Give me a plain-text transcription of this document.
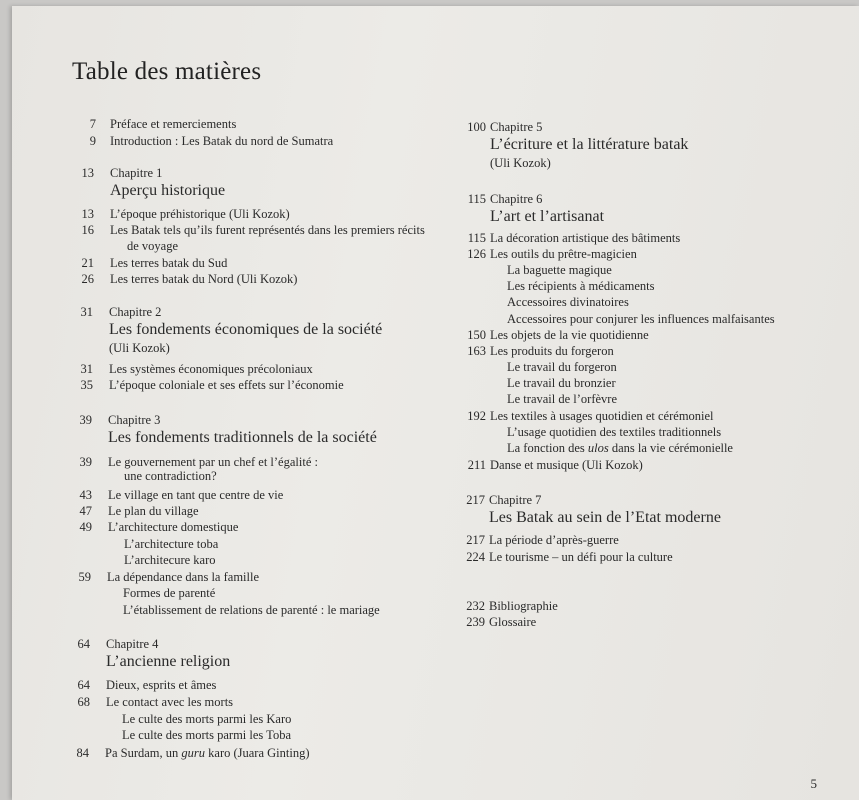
Table des matières
7 Préface et remerciements
9 Introduction : Les Batak du nord de Sumatra
13 Chapitre 1
Aperçu historique
13 L’époque préhistorique (Uli Kozok)
16 Les Batak tels qu’ils furent représentés dans les premiers récits
de voyage
21 Les terres batak du Sud
26 Les terres batak du Nord (Uli Kozok)
31 Chapitre 2
Les fondements économiques de la société
(Uli Kozok)
31 Les systèmes économiques précoloniaux
35 L’époque coloniale et ses effets sur l’économie
39 Chapitre 3
Les fondements traditionnels de la société
39 Le gouvernement par un chef et l’égalité :
une contradiction?
43 Le village en tant que centre de vie
47 Le plan du village
49 L’architecture domestique
L’architecture toba
L’architecure karo
59 La dépendance dans la famille
Formes de parenté
L’établissement de relations de parenté : le mariage
64 Chapitre 4
L’ancienne religion
64 Dieux, esprits et âmes
68 Le contact avec les morts
Le culte des morts parmi les Karo
Le culte des morts parmi les Toba
84 Pa Surdam, un guru karo (Juara Ginting)
100 Chapitre 5
L’écriture et la littérature batak
(Uli Kozok)
115 Chapitre 6
L’art et l’artisanat
115 La décoration artistique des bâtiments
126 Les outils du prêtre-magicien
La baguette magique
Les récipients à médicaments
Accessoires divinatoires
Accessoires pour conjurer les influences malfaisantes
150 Les objets de la vie quotidienne
163 Les produits du forgeron
Le travail du forgeron
Le travail du bronzier
Le travail de l’orfèvre
192 Les textiles à usages quotidien et cérémoniel
L’usage quotidien des textiles traditionnels
La fonction des ulos dans la vie cérémonielle
211 Danse et musique (Uli Kozok)
217 Chapitre 7
Les Batak au sein de l’Etat moderne
217 La période d’après-guerre
224 Le tourisme – un défi pour la culture
232 Bibliographie
239 Glossaire
5
